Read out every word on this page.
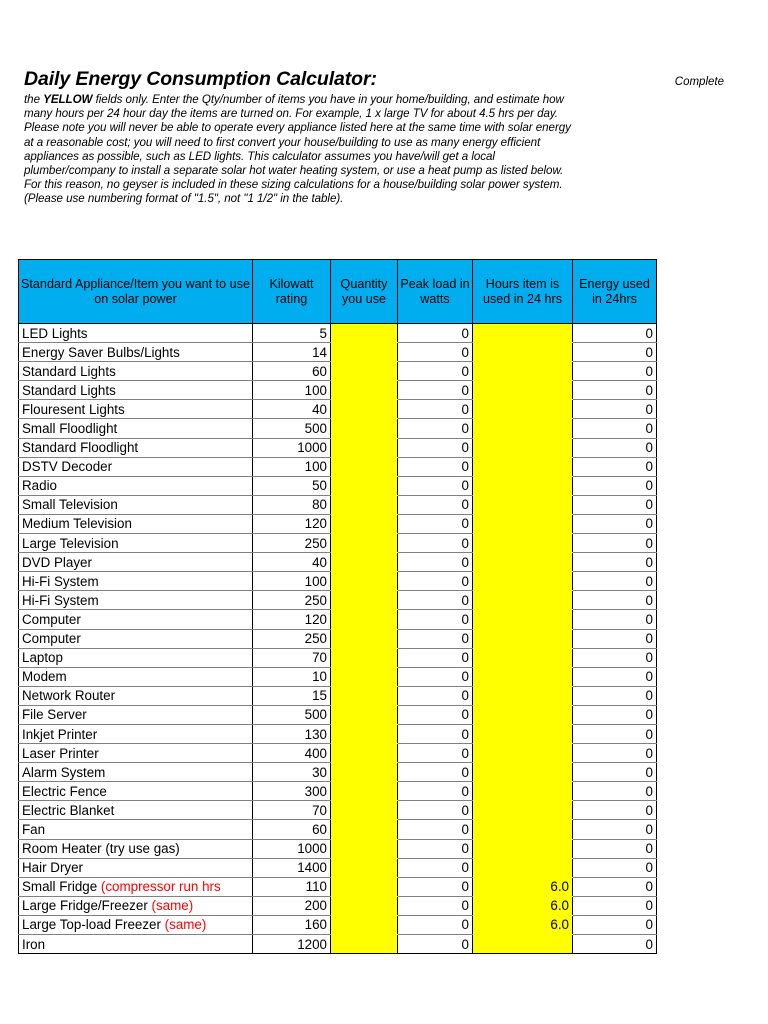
Daily Energy Consumption Calculator:	Complete

the YELLOW fields only. Enter the Qty/number of items you have in your home/building, and estimate how

many hours per 24 hour day the items are turned on. For example, 1 x large TV for about 4.5 hrs per day.

Please note you will never be able to operate every appliance listed here at the same time with solar energy

at a reasonable cost; you will need to first convert your house/building to use as many energy efficient

appliances as possible, such as LED lights. This calculator assumes you have/will get a local

plumber/company to install a separate solar hot water heating system, or use a heat pump as listed below.

For this reason, no geyser is included in these sizing calculations for a house/building solar power system.

(Please use numbering format of "1.5", not "1 1/2" in the table).

Standard Appliance/Item you want to use on solar power	Kilowatt rating	Quantity you use	Peak load in watts	Hours item is used in 24 hrs	Energy used in 24hrs
LED Lights	5		0		0
Energy Saver Bulbs/Lights	14		0		0
Standard Lights	60		0		0
Standard Lights	100		0		0
Flouresent Lights	40		0		0
Small Floodlight	500		0		0
Standard Floodlight	1000		0		0
DSTV Decoder	100		0		0
Radio	50		0		0
Small Television	80		0		0
Medium Television	120		0		0
Large Television	250		0		0
DVD Player	40		0		0
Hi-Fi System	100		0		0
Hi-Fi System	250		0		0
Computer	120		0		0
Computer	250		0		0
Laptop	70		0		0
Modem	10		0		0
Network Router	15		0		0
File Server	500		0		0
Inkjet Printer	130		0		0
Laser Printer	400		0		0
Alarm System	30		0		0
Electric Fence	300		0		0
Electric Blanket	70		0		0
Fan	60		0		0
Room Heater (try use gas)	1000		0		0
Hair Dryer	1400		0		0
Small Fridge (compressor run hrs	110		0	6.0	0
Large Fridge/Freezer (same)	200		0	6.0	0
Large Top-load Freezer (same)	160		0	6.0	0
Iron	1200		0		0
